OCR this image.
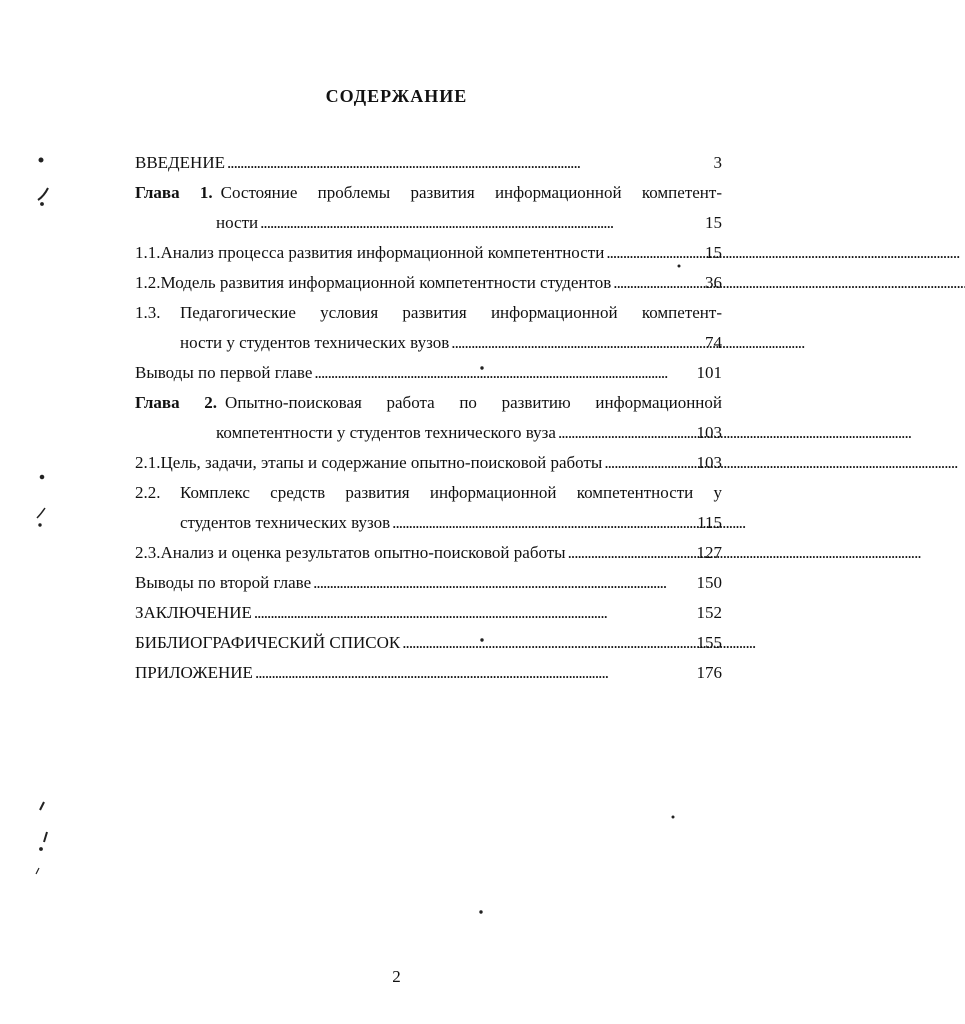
СОДЕРЖАНИЕ
ВВЕДЕНИЕ . . .	3
Глава 1. Состояние проблемы развития информационной компетент-
ности . . .	15
1.1. Анализ процесса развития информационной компетентности . . .	15
1.2. Модель развития информационной компетентности студентов . . .	36
1.3. Педагогические условия развития информационной компетент-
ности у студентов технических вузов . . .	74
Выводы по первой главе . . .	101
Глава 2. Опытно-поисковая работа по развитию информационной
компетентности у студентов технического вуза . . .	103
2.1. Цель, задачи, этапы и содержание опытно-поисковой работы . . .	103
2.2. Комплекс средств развития информационной компетентности у
студентов технических вузов . . .	115
2.3. Анализ и оценка результатов опытно-поисковой работы . . .	127
Выводы по второй главе . . .	150
ЗАКЛЮЧЕНИЕ . . .	152
БИБЛИОГРАФИЧЕСКИЙ СПИСОК . . .	155
ПРИЛОЖЕНИЕ . . .	176
2
